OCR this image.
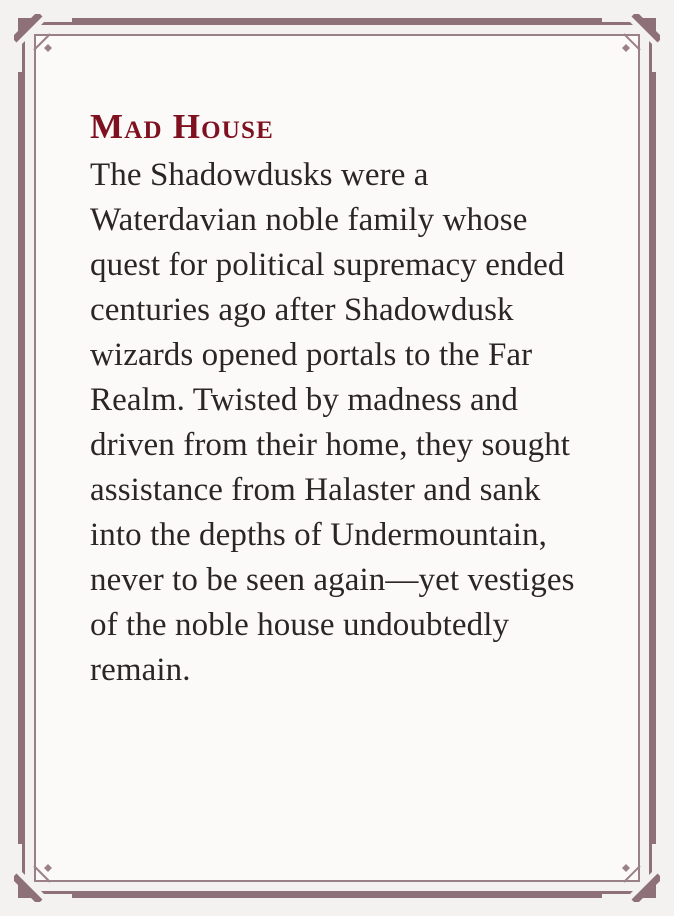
Mad House

The Shadowdusks were a Waterdavian noble family whose quest for political supremacy ended centuries ago after Shadowdusk wizards opened portals to the Far Realm. Twisted by madness and driven from their home, they sought assistance from Halaster and sank into the depths of Undermountain, never to be seen again—yet vestiges of the noble house undoubtedly remain.
